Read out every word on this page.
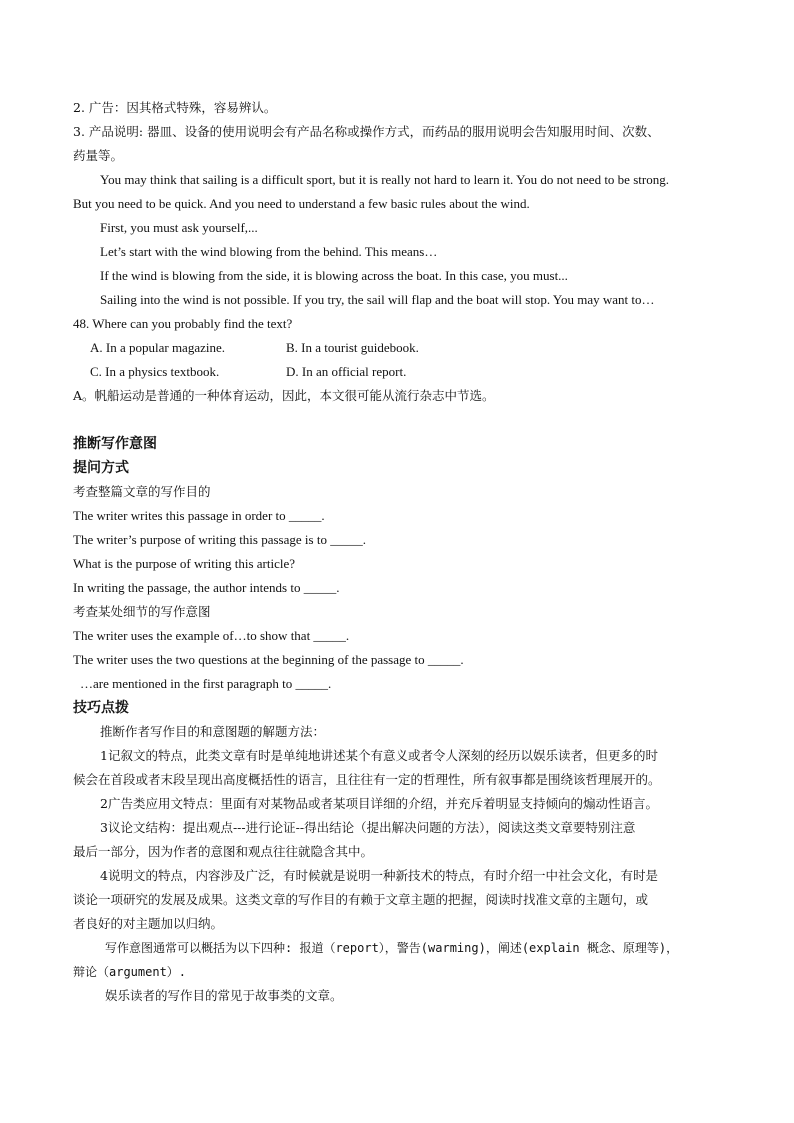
2. 广告：因其格式特殊，容易辨认。
3. 产品说明: 器皿、设备的使用说明会有产品名称或操作方式，而药品的服用说明会告知服用时间、次数、
药量等。
You may think that sailing is a difficult sport, but it is really not hard to learn it. You do not need to be strong.
But you need to be quick. And you need to understand a few basic rules about the wind.
First, you must ask yourself,...
Let’s start with the wind blowing from the behind. This means…
If the wind is blowing from the side, it is blowing across the boat. In this case, you must...
Sailing into the wind is not possible. If you try, the sail will flap and the boat will stop. You may want to…
48. Where can you probably find the text?
A. In a popular magazine.	B. In a tourist guidebook.
C. In a physics textbook.	D. In an official report.
A。帆船运动是普通的一种体育运动，因此，本文很可能从流行杂志中节选。
推断写作意图
提问方式
考查整篇文章的写作目的
The writer writes this passage in order to _____.
The writer’s purpose of writing this passage is to _____.
What is the purpose of writing this article?
In writing the passage, the author intends to _____.
考查某处细节的写作意图
The writer uses the example of…to show that _____.
The writer uses the two questions at the beginning of the passage to _____.
…are mentioned in the first paragraph to _____.
技巧点拨
推断作者写作目的和意图题的解题方法：
1记叙文的特点，此类文章有时是单纯地讲述某个有意义或者令人深刻的经历以娱乐读者，但更多的时
候会在首段或者末段呈现出高度概括性的语言，且往往有一定的哲理性，所有叙事都是围绕该哲理展开的。
2广告类应用文特点：里面有对某物品或者某项目详细的介绍，并充斥着明显支持倾向的煽动性语言。
3议论文结构：提出观点---进行论证--得出结论（提出解决问题的方法），阅读这类文章要特别注意
最后一部分，因为作者的意图和观点往往就隐含其中。
4说明文的特点，内容涉及广泛，有时候就是说明一种新技术的特点，有时介绍一中社会文化，有时是
谈论一项研究的发展及成果。这类文章的写作目的有赖于文章主题的把握，阅读时找准文章的主题句，或
者良好的对主题加以归纳。
写作意图通常可以概括为以下四种: 报道（report），警告(warming)，阐述(explain 概念、原理等)，
辩论（argument）.
娱乐读者的写作目的常见于故事类的文章。
